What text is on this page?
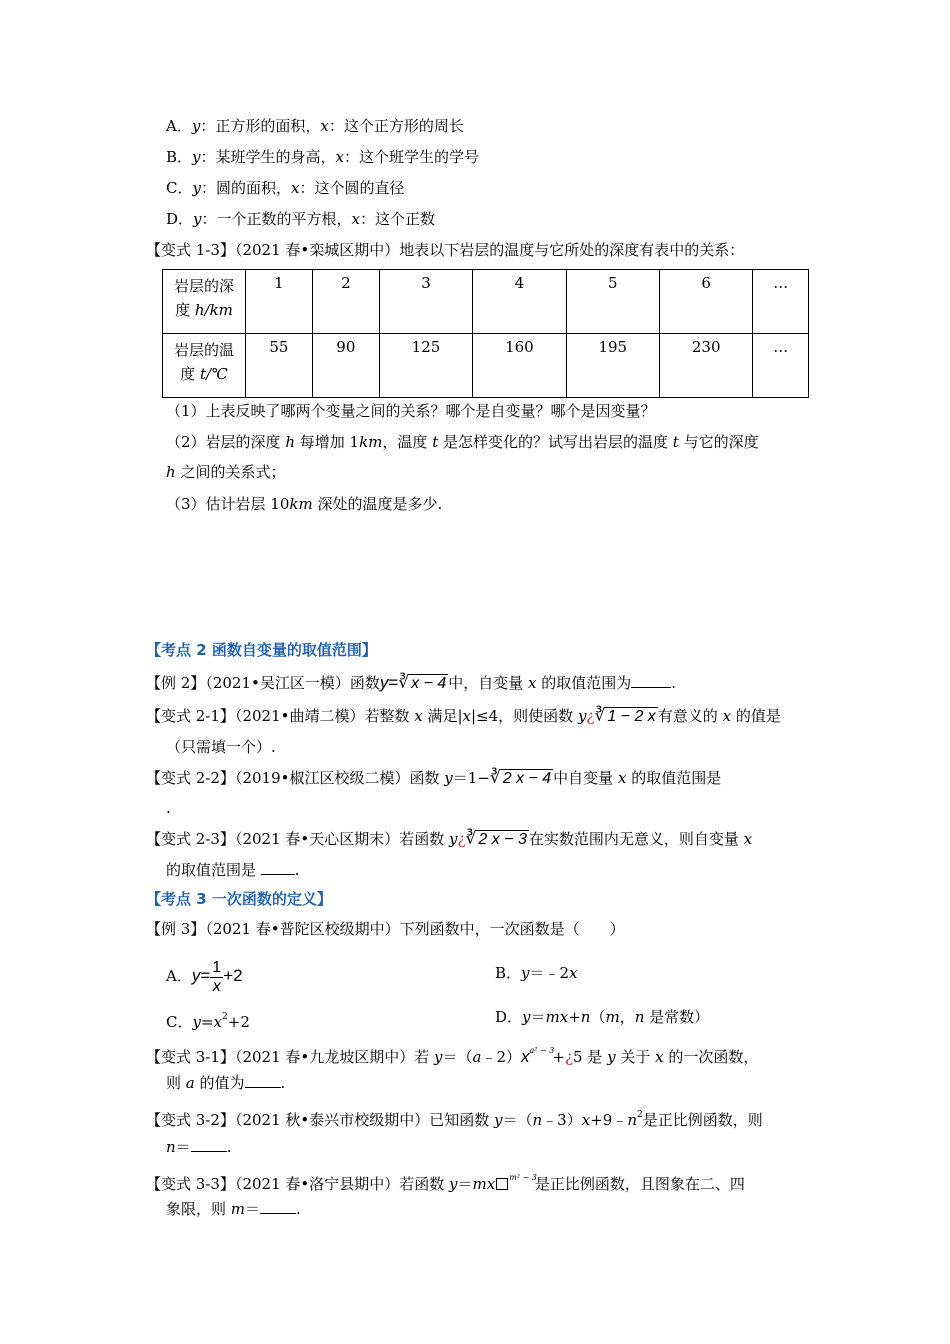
A．y：正方形的面积，x：这个正方形的周长
B．y：某班学生的身高，x：这个班学生的学号
C．y：圆的面积，x：这个圆的直径
D．y：一个正数的平方根，x：这个正数
【变式 1-3】（2021 春•栾城区期中）地表以下岩层的温度与它所处的深度有表中的关系：
岩层的深
度 h/km	1	2	3	4	5	6	…
岩层的温
度 t/℃	55	90	125	160	195	230	…
（1）上表反映了哪两个变量之间的关系？哪个是自变量？哪个是因变量？
（2）岩层的深度 h 每增加 1km，温度 t 是怎样变化的？试写出岩层的温度 t 与它的深度
h 之间的关系式；
（3）估计岩层 10km 深处的温度是多少.
【考点 2 函数自变量的取值范围】
【例 2】（2021•吴江区一模）函数y=∛ x − 4 中，自变量 x 的取值范围为	.
【变式 2-1】（2021•曲靖二模）若整数 x 满足|x|≤4，则使函数 y¿∛ 1 − 2 x 有意义的 x 的值是
（只需填一个）.
【变式 2-2】（2019•椒江区校级二模）函数 y＝1−∛ 2 x − 4 中自变量 x 的取值范围是
.
【变式 2-3】（2021 春•天心区期末）若函数 y¿∛ 2 x − 3 在实数范围内无意义，则自变量 x
的取值范围是 .
【考点 3 一次函数的定义】
【例 3】（2021 春•普陀区校级期中）下列函数中，一次函数是（　　）
A．$y= \frac{1}{x} +2$	B．y＝﹣2x
C．$y=x^2+2$	D．y＝mx+n（m，n 是常数）
【变式 3-1】（2021 春•九龙坡区期中）若 $y=(a﹣2)x^{a^2 - 3}+¿5$ 是 y 关于 x 的一次函数，
则 a 的值为 .
【变式 3-2】（2021 秋•泰兴市校级期中）已知函数 $y=(n﹣3)x+9﹣n^2$是正比例函数，则
n＝ .
【变式 3-3】（2021 春•洛宁县期中）若函数 y＝mx $^{m^2 - 3}$是正比例函数，且图象在二、四
象限，则 m＝ .
